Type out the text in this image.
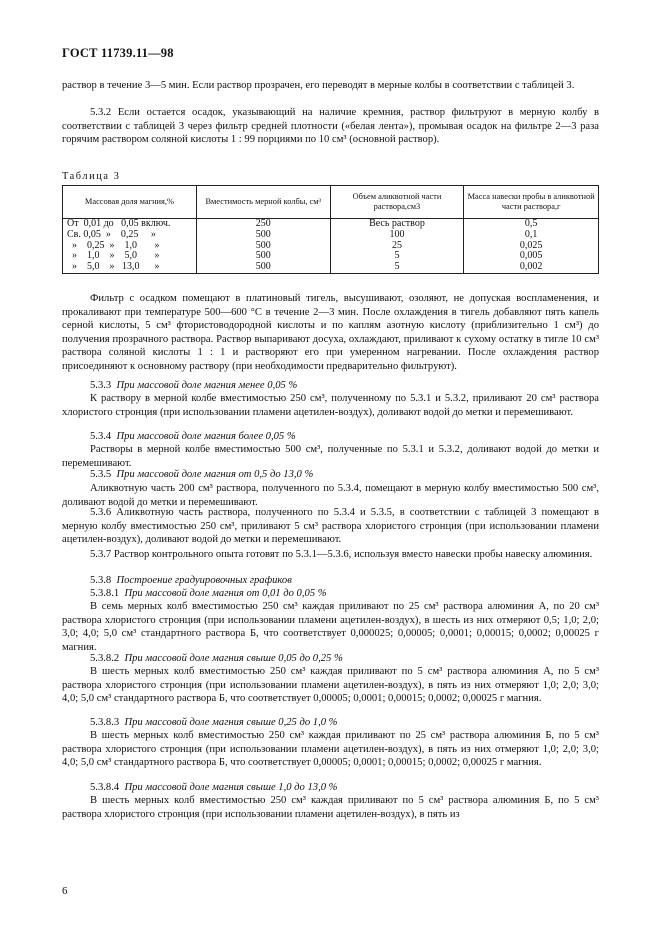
ГОСТ 11739.11—98

раствор в течение 3—5 мин. Если раствор прозрачен, его переводят в мерные колбы в соответствии с таблицей 3.

5.3.2 Если остается осадок, указывающий на наличие кремния, раствор фильтруют в мерную колбу в соответствии с таблицей 3 через фильтр средней плотности («белая лента»), промывая осадок на фильтре 2—3 раза горячим раствором соляной кислоты 1 : 99 порциями по 10 см³ (основной раствор).

Таблица 3
Массовая доля магния,%	Вместимость мерной колбы, см³	Объем аликвотной части раствора,см3	Масса навески пробы в аликвотной части раствора,г
От  0,01 до   0,05 включ.	250	Весь раствор	0,5
Св. 0,05  »    0,25     »	500	100	0,1
»    0,25  »    1,0       »	500	25	0,025
»    1,0    »    5,0       »	500	5	0,005
»    5,0    »   13,0      »	500	5	0,002

Фильтр с осадком помещают в платиновый тигель, высушивают, озоляют, не допуская воспламенения, и прокаливают при температуре 500—600 °С в течение 2—3 мин. После охлаждения в тигель добавляют пять капель серной кислоты, 5 см³ фтористоводородной кислоты и по каплям азотную кислоту (приблизительно 1 см³) до получения прозрачного раствора. Раствор выпаривают досуха, охлаждают, приливают к сухому остатку в тигле 10 см³ раствора соляной кислоты 1 : 1 и растворяют его при умеренном нагревании. После охлаждения раствор присоединяют к основному раствору (при необходимости предварительно фильтруют).

5.3.3 При массовой доле магния менее 0,05 %

К раствору в мерной колбе вместимостью 250 см³, полученному по 5.3.1 и 5.3.2, приливают 20 см³ раствора хлористого стронция (при использовании пламени ацетилен-воздух), доливают водой до метки и перемешивают.

5.3.4 При массовой доле магния более 0,05 %

Растворы в мерной колбе вместимостью 500 см³, полученные по 5.3.1 и 5.3.2, доливают водой до метки и перемешивают.

5.3.5 При массовой доле магния от 0,5 до 13,0 %

Аликвотную часть 200 см³ раствора, полученного по 5.3.4, помещают в мерную колбу вместимостью 500 см³, доливают водой до метки и перемешивают.

5.3.6 Аликвотную часть раствора, полученного по 5.3.4 и 5.3.5, в соответствии с таблицей 3 помещают в мерную колбу вместимостью 250 см³, приливают 5 см³ раствора хлористого стронция (при использовании пламени ацетилен-воздух), доливают водой до метки и перемешивают.

5.3.7 Раствор контрольного опыта готовят по 5.3.1—5.3.6, используя вместо навески пробы навеску алюминия.

5.3.8 Построение градуировочных графиков

5.3.8.1 При массовой доле магния от 0,01 до 0,05 %

В семь мерных колб вместимостью 250 см³ каждая приливают по 25 см³ раствора алюминия А, по 20 см³ раствора хлористого стронция (при использовании пламени ацетилен-воздух), в шесть из них отмеряют 0,5; 1,0; 2,0; 3,0; 4,0; 5,0 см³ стандартного раствора Б, что соответствует 0,000025; 0,00005; 0,0001; 0,00015; 0,0002; 0,00025 г магния.

5.3.8.2 При массовой доле магния свыше 0,05 до 0,25 %

В шесть мерных колб вместимостью 250 см³ каждая приливают по 5 см³ раствора алюминия А, по 5 см³ раствора хлористого стронция (при использовании пламени ацетилен-воздух), в пять из них отмеряют 1,0; 2,0; 3,0; 4,0; 5,0 см³ стандартного раствора Б, что соответствует 0,00005; 0,0001; 0,00015; 0,0002; 0,00025 г магния.

5.3.8.3 При массовой доле магния свыше 0,25 до 1,0 %

В шесть мерных колб вместимостью 250 см³ каждая приливают по 25 см³ раствора алюминия Б, по 5 см³ раствора хлористого стронция (при использовании пламени ацетилен-воздух), в пять из них отмеряют 1,0; 2,0; 3,0; 4,0; 5,0 см³ стандартного раствора Б, что соответствует 0,00005; 0,0001; 0,00015; 0,0002; 0,00025 г магния.

5.3.8.4 При массовой доле магния свыше 1,0 до 13,0 %

В шесть мерных колб вместимостью 250 см³ каждая приливают по 5 см³ раствора алюминия Б, по 5 см³ раствора хлористого стронция (при использовании пламени ацетилен-воздух), в пять из

6
